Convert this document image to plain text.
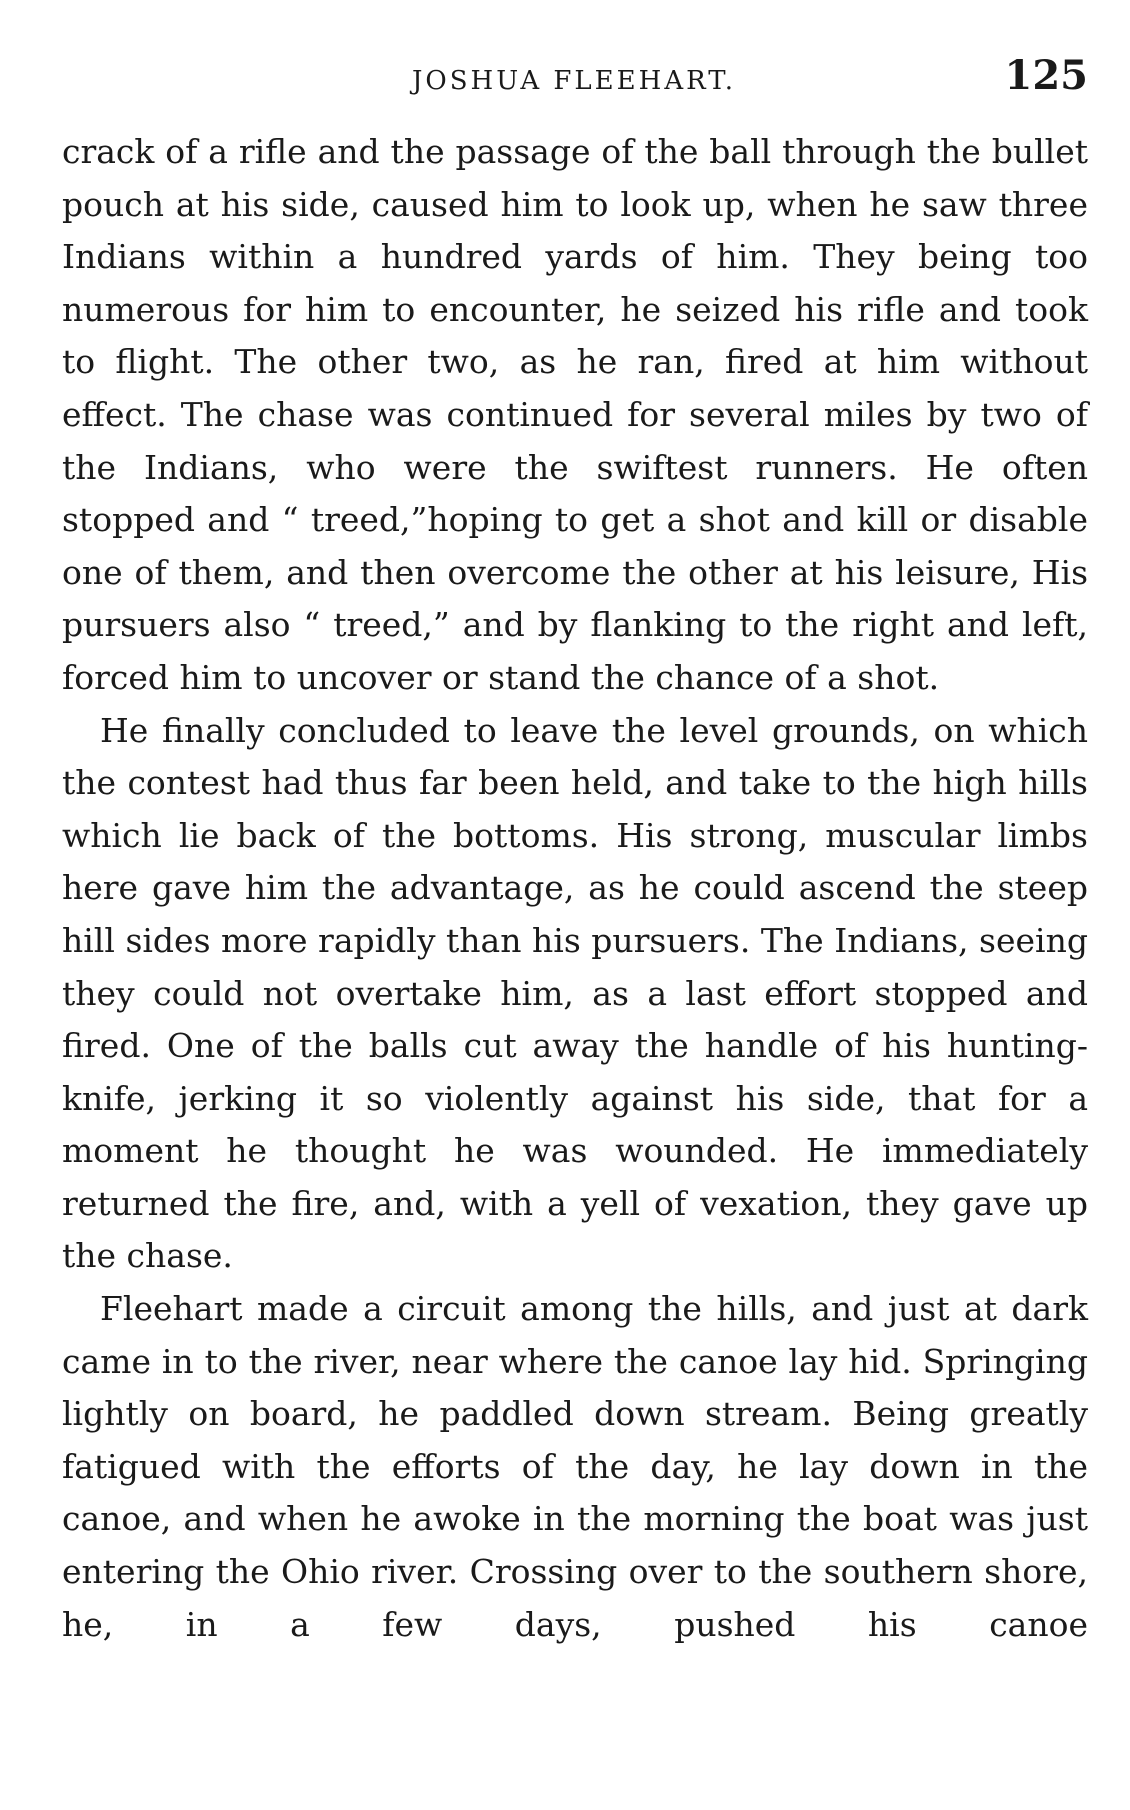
JOSHUA FLEEHART.	125

crack of a rifle and the passage of the ball through the bullet pouch at his side, caused him to look up, when he saw three Indians within a hundred yards of him. They being too numerous for him to encounter, he seized his rifle and took to flight. The other two, as he ran, fired at him without effect. The chase was continued for several miles by two of the Indians, who were the swiftest runners. He often stopped and “ treed,”hoping to get a shot and kill or disable one of them, and then overcome the other at his leisure, His pursuers also “ treed,” and by flanking to the right and left, forced him to uncover or stand the chance of a shot.

He finally concluded to leave the level grounds, on which the contest had thus far been held, and take to the high hills which lie back of the bottoms. His strong, muscular limbs here gave him the advantage, as he could ascend the steep hill sides more rapidly than his pursuers. The Indians, seeing they could not overtake him, as a last effort stopped and fired. One of the balls cut away the handle of his hunting-knife, jerking it so violently against his side, that for a moment he thought he was wounded. He immediately returned the fire, and, with a yell of vexation, they gave up the chase.

Fleehart made a circuit among the hills, and just at dark came in to the river, near where the canoe lay hid. Springing lightly on board, he paddled down stream. Being greatly fatigued with the efforts of the day, he lay down in the canoe, and when he awoke in the morning the boat was just entering the Ohio river. Crossing over to the southern shore, he, in a few days, pushed his canoe
